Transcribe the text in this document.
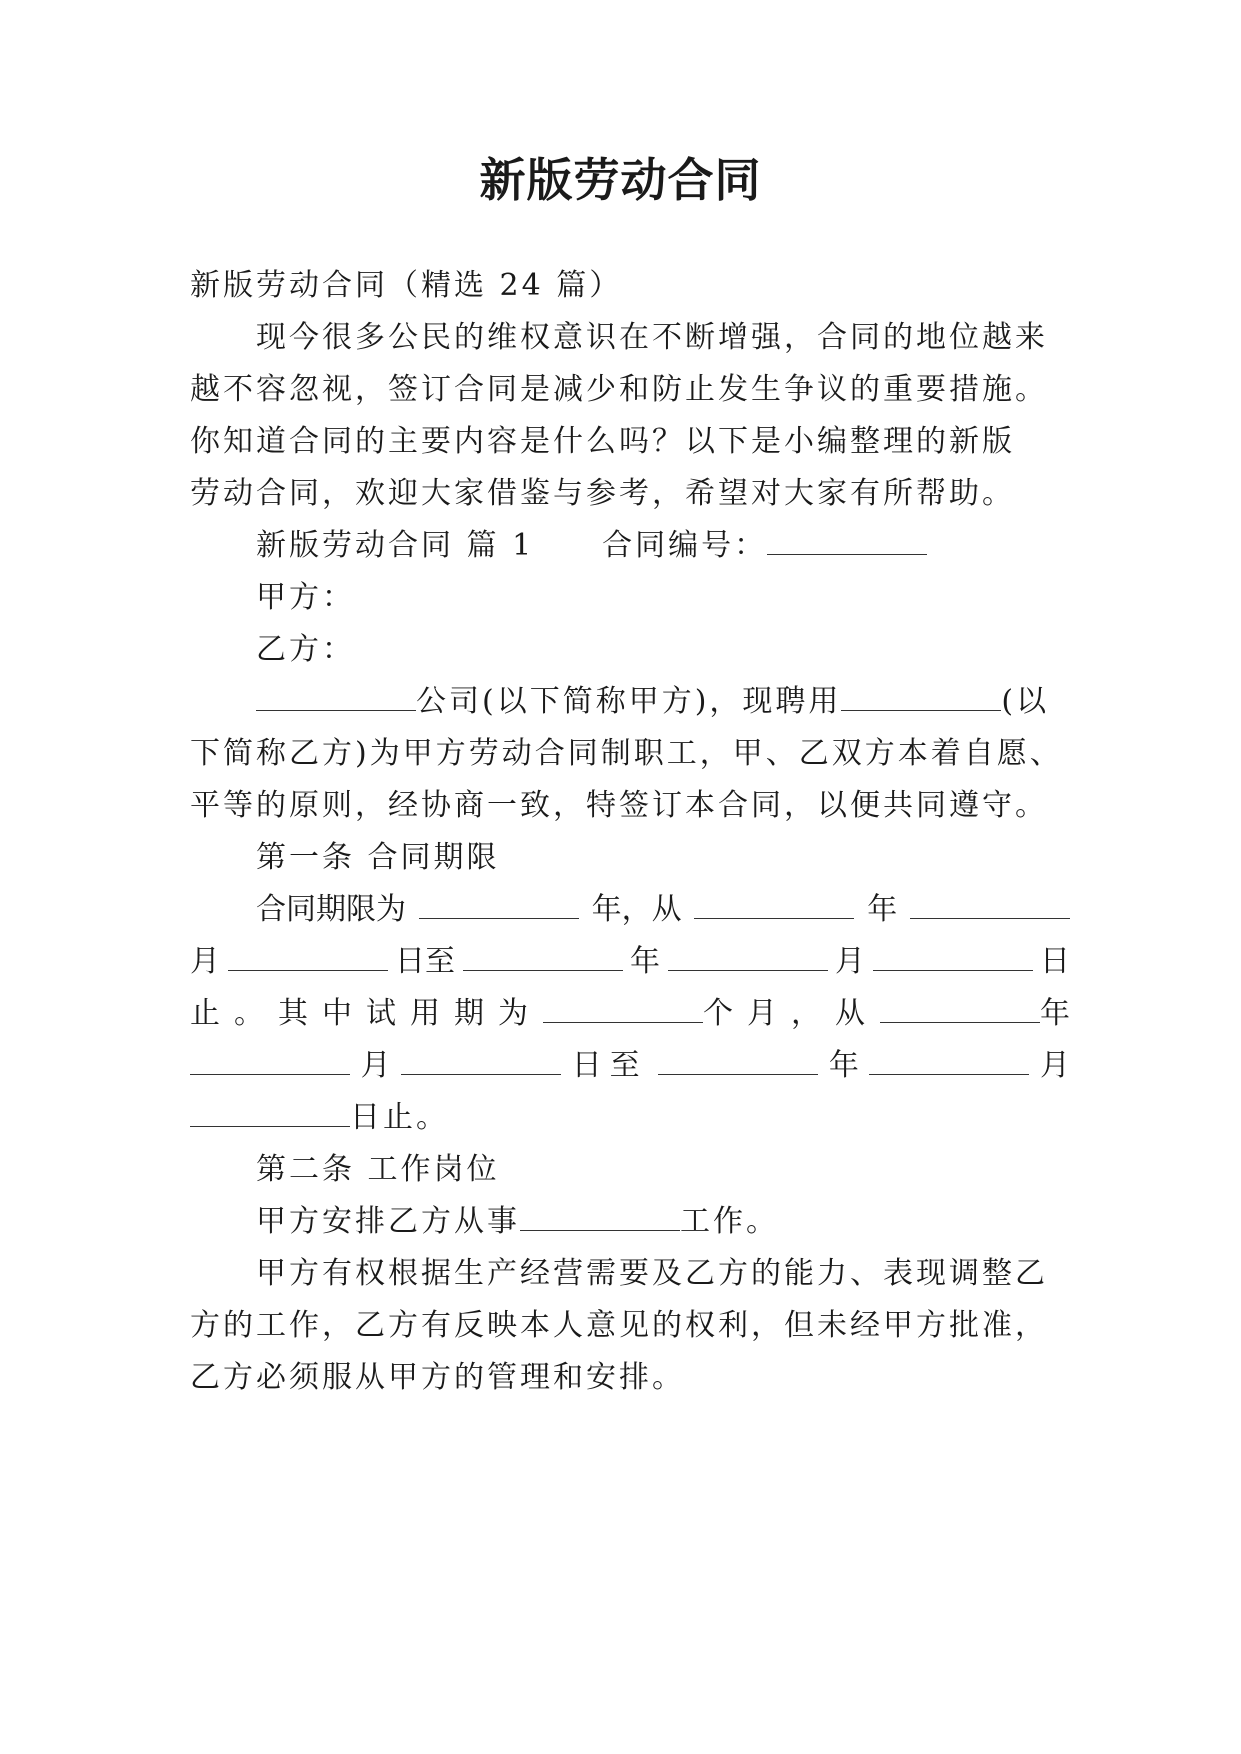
新版劳动合同
新版劳动合同（精选 24 篇）
现今很多公民的维权意识在不断增强，合同的地位越来
越不容忽视，签订合同是减少和防止发生争议的重要措施。
你知道合同的主要内容是什么吗？以下是小编整理的新版
劳动合同，欢迎大家借鉴与参考，希望对大家有所帮助。
新版劳动合同 篇 1 合同编号：
甲方：
乙方：
公司(以下简称甲方)，现聘用	(以
下简称乙方)为甲方劳动合同制职工，甲、乙双方本着自愿、
平等的原则，经协商一致，特签订本合同，以便共同遵守。
第一条 合同期限
合同期限为	年，从	年
月	日至	年	月	日
止。其中试用期为	个月，从	年
月	日至	年	月
日止。
第二条 工作岗位
甲方安排乙方从事	工作。
甲方有权根据生产经营需要及乙方的能力、表现调整乙
方的工作，乙方有反映本人意见的权利，但未经甲方批准，
乙方必须服从甲方的管理和安排。
